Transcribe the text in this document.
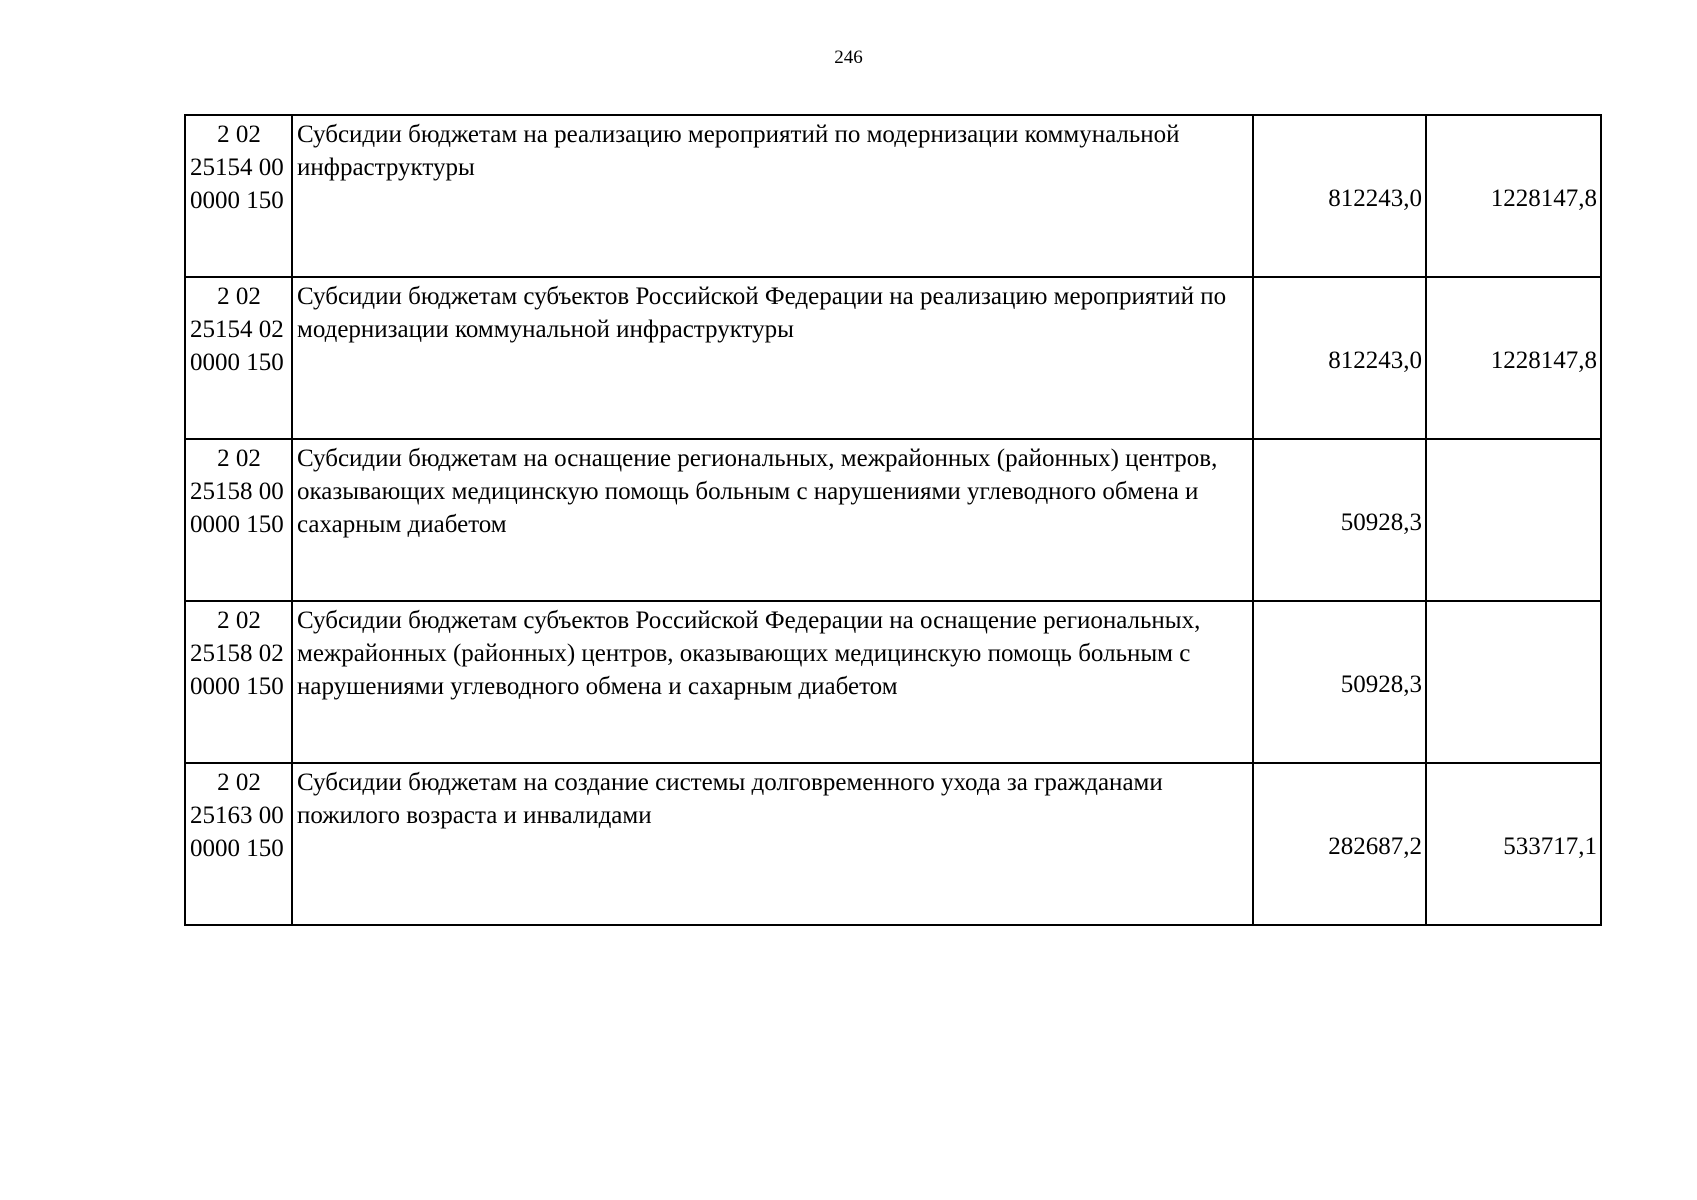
246
2 02
25154 00
0000 150	Субсидии бюджетам на реализацию мероприятий по модернизации коммунальной инфраструктуры	812243,0	1228147,8

2 02
25154 02
0000 150	Субсидии бюджетам субъектов Российской Федерации на реализацию мероприятий по модернизации коммунальной инфраструктуры	812243,0	1228147,8

2 02
25158 00
0000 150	Субсидии бюджетам на оснащение региональных, межрайонных (районных) центров, оказывающих медицинскую помощь больным с нарушениями углеводного обмена и сахарным диабетом	50928,3	

2 02
25158 02
0000 150	Субсидии бюджетам субъектов Российской Федерации на оснащение региональных, межрайонных (районных) центров, оказывающих медицинскую помощь больным с нарушениями углеводного обмена и сахарным диабетом	50928,3	

2 02
25163 00
0000 150	Субсидии бюджетам на создание системы долговременного ухода за гражданами пожилого возраста и инвалидами	282687,2	533717,1
